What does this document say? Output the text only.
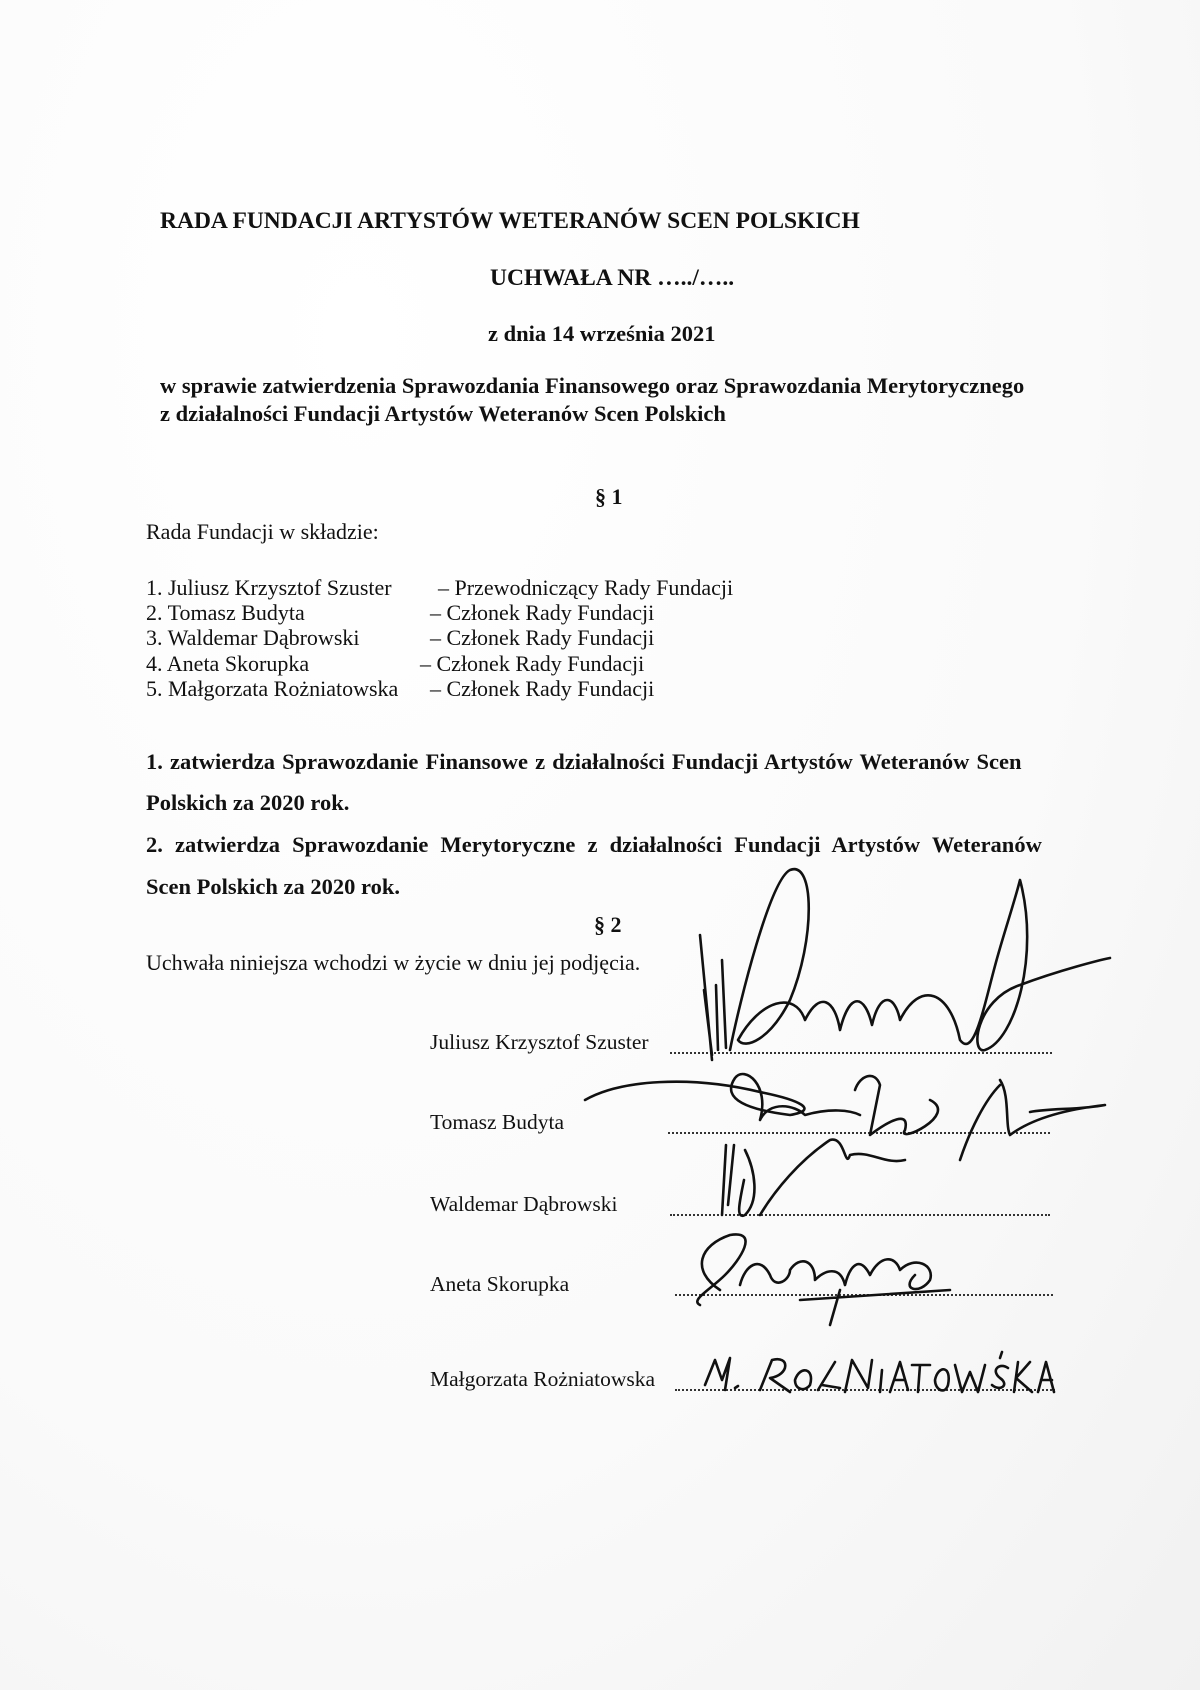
RADA FUNDACJI ARTYSTÓW WETERANÓW SCEN POLSKICH
UCHWAŁA NR …../…..
z dnia 14 września 2021
w sprawie zatwierdzenia Sprawozdania Finansowego oraz Sprawozdania Merytorycznego
z działalności Fundacji Artystów Weteranów Scen Polskich
§ 1
Rada Fundacji w składzie:
1. Juliusz Krzysztof Szuster – Przewodniczący Rady Fundacji
2. Tomasz Budyta	– Członek Rady Fundacji
3. Waldemar Dąbrowski	– Członek Rady Fundacji
4. Aneta Skorupka	– Członek Rady Fundacji
5. Małgorzata Rożniatowska – Członek Rady Fundacji
1. zatwierdza Sprawozdanie Finansowe z działalności Fundacji Artystów Weteranów Scen
Polskich za 2020 rok.
2. zatwierdza Sprawozdanie Merytoryczne z działalności Fundacji Artystów Weteranów
Scen Polskich za 2020 rok.
§ 2
Uchwała niniejsza wchodzi w życie w dniu jej podjęcia.
Juliusz Krzysztof Szuster
Tomasz Budyta
Waldemar Dąbrowski
Aneta Skorupka
Małgorzata Rożniatowska
